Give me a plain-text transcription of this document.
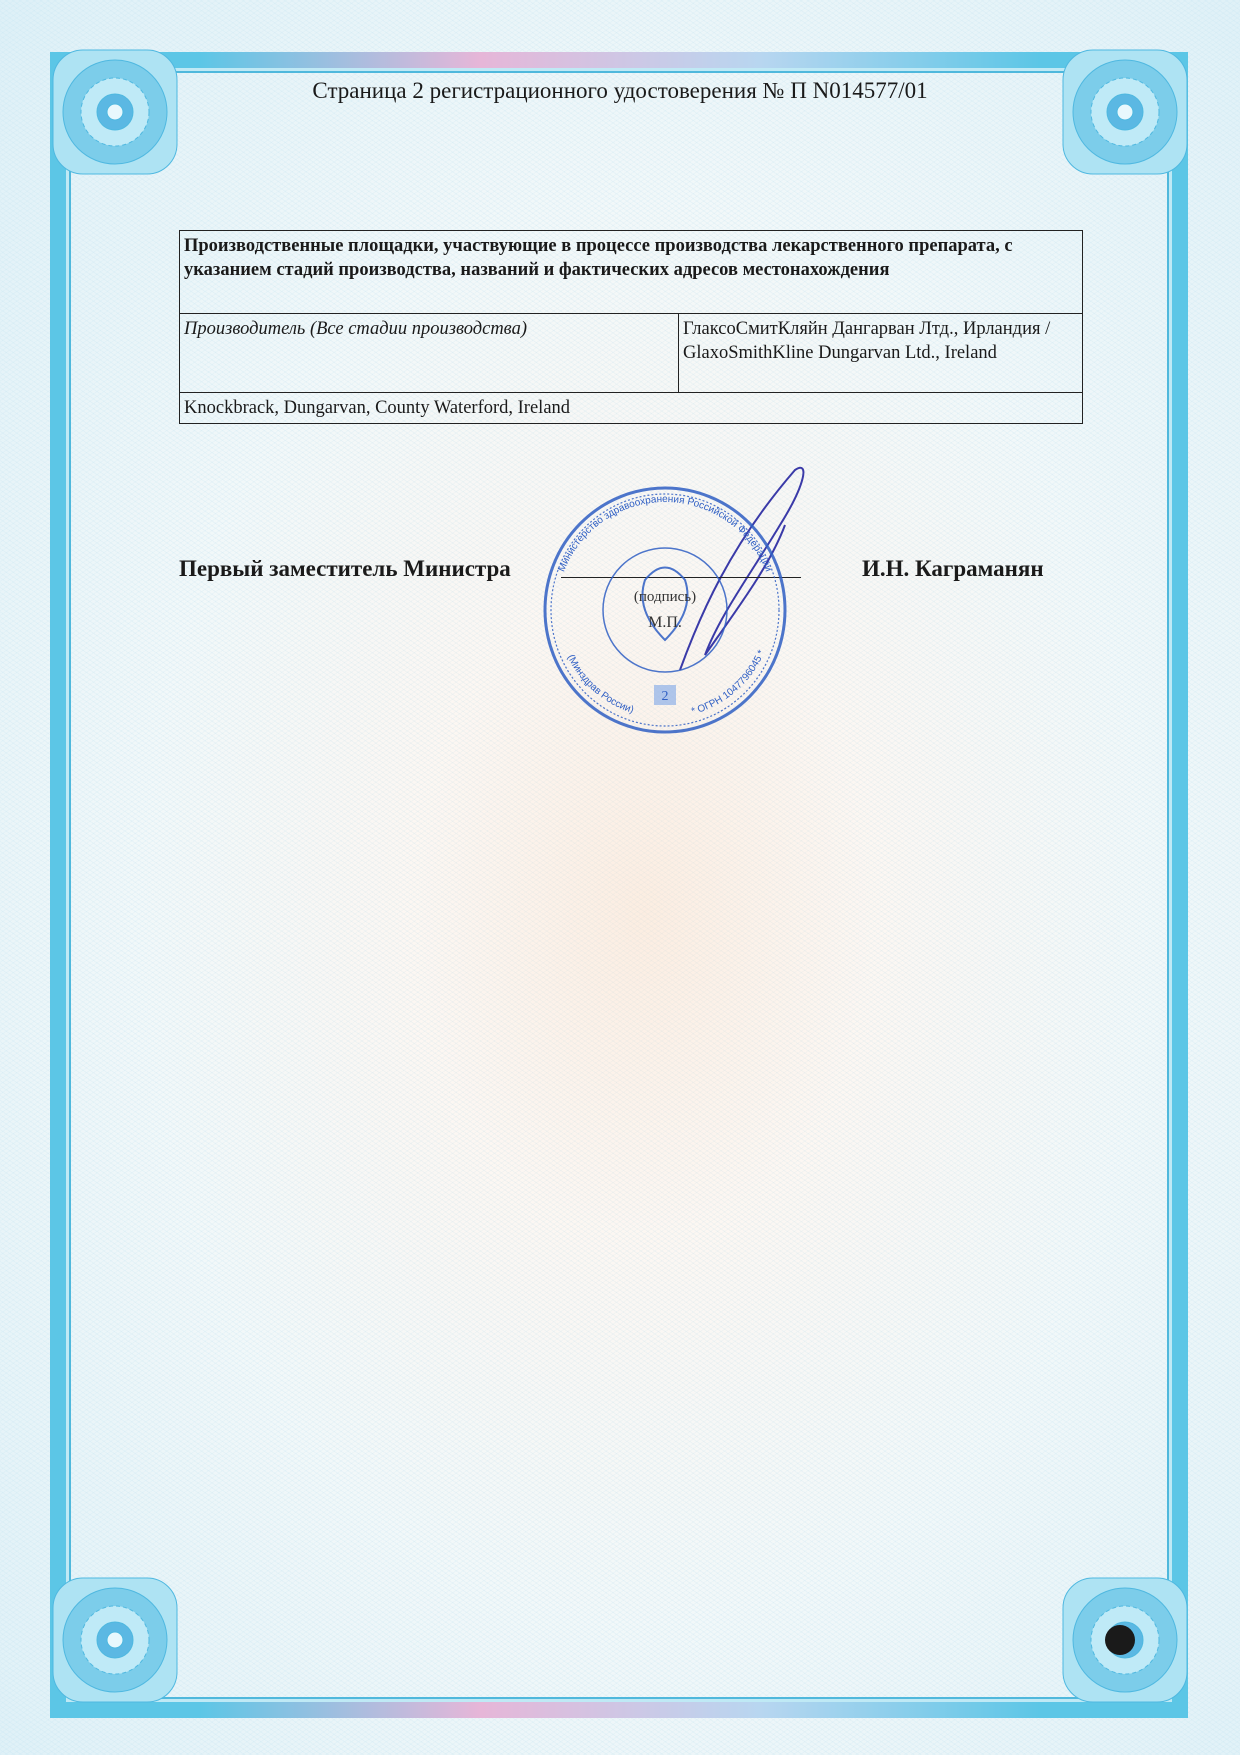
Страница 2 регистрационного удостоверения № П N014577/01
Производственные площадки, участвующие в процессе производства лекарственного препарата, с указанием стадий производства, названий и фактических адресов местонахождения
Производитель (Все стадии производства)	ГлаксоСмитКляйн Дангарван Лтд., Ирландия / GlaxoSmithKline Dungarvan Ltd., Ireland
Knockbrack, Dungarvan, County Waterford, Ireland
Министерство здравоохранения Российской Федерации
(Минздрав России)	* ОГРН 1047796045 *
2
Первый заместитель Министра
(подпись)
М.П.
И.Н. Каграманян
